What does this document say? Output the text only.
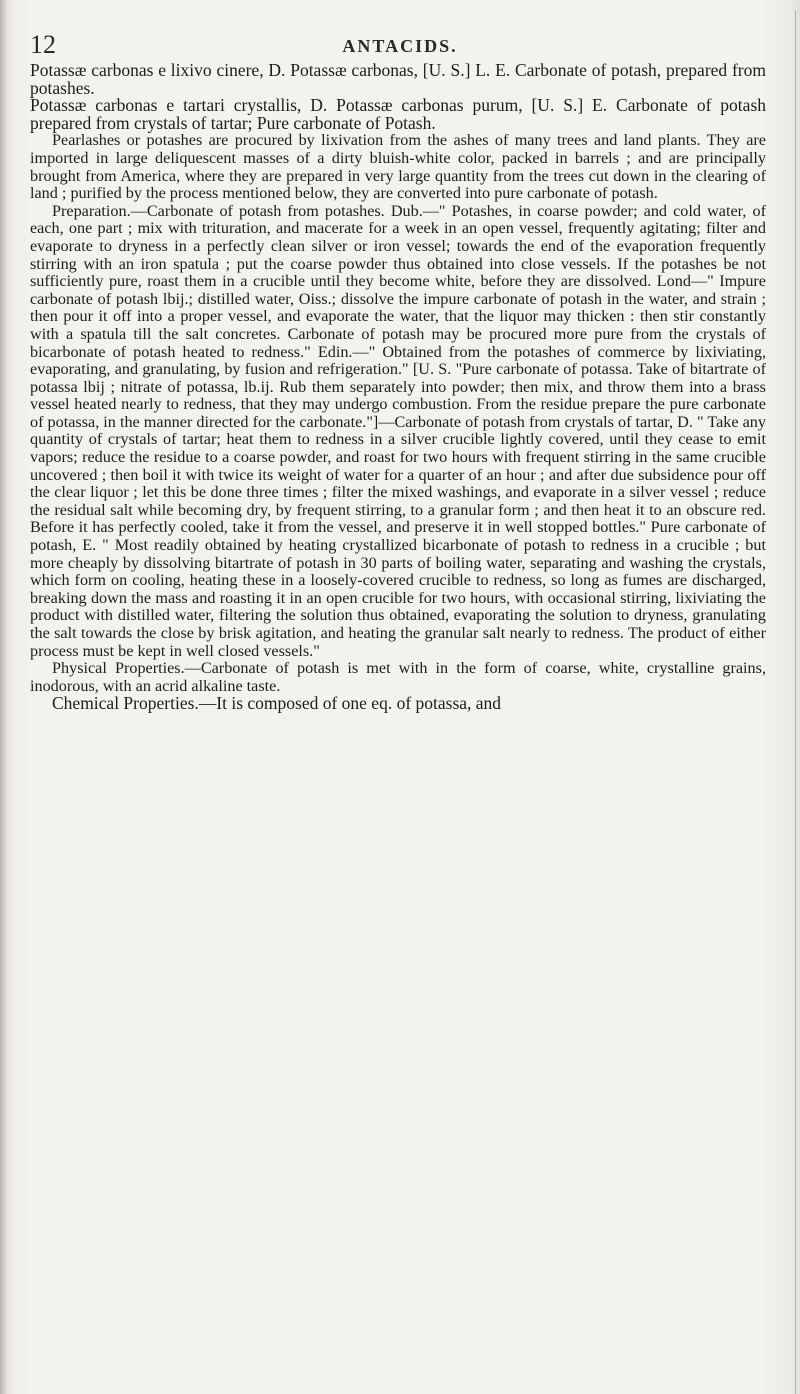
12	ANTACIDS.

Potassæ carbonas e lixivo cinere, D. Potassæ carbonas, [U. S.] L. E. Carbonate of potash, prepared from potashes.

Potassæ carbonas e tartari crystallis, D. Potassæ carbonas purum, [U. S.] E. Carbonate of potash prepared from crystals of tartar; Pure carbonate of Potash.

Pearlashes or potashes are procured by lixivation from the ashes of many trees and land plants. They are imported in large deliquescent masses of a dirty bluish-white color, packed in barrels ; and are principally brought from America, where they are prepared in very large quantity from the trees cut down in the clearing of land ; purified by the process mentioned below, they are converted into pure carbonate of potash.

Preparation.—Carbonate of potash from potashes. Dub.—" Potashes, in coarse powder; and cold water, of each, one part ; mix with trituration, and macerate for a week in an open vessel, frequently agitating; filter and evaporate to dryness in a perfectly clean silver or iron vessel; towards the end of the evaporation frequently stirring with an iron spatula ; put the coarse powder thus obtained into close vessels. If the potashes be not sufficiently pure, roast them in a crucible until they become white, before they are dissolved. Lond—" Impure carbonate of potash lbij.; distilled water, Oiss.; dissolve the impure carbonate of potash in the water, and strain ; then pour it off into a proper vessel, and evaporate the water, that the liquor may thicken : then stir constantly with a spatula till the salt concretes. Carbonate of potash may be procured more pure from the crystals of bicarbonate of potash heated to redness." Edin.—" Obtained from the potashes of commerce by lixiviating, evaporating, and granulating, by fusion and refrigeration." [U. S. "Pure carbonate of potassa. Take of bitartrate of potassa lbij ; nitrate of potassa, lb.ij. Rub them separately into powder; then mix, and throw them into a brass vessel heated nearly to redness, that they may undergo combustion. From the residue prepare the pure carbonate of potassa, in the manner directed for the carbonate."]—Carbonate of potash from crystals of tartar, D. " Take any quantity of crystals of tartar; heat them to redness in a silver crucible lightly covered, until they cease to emit vapors; reduce the residue to a coarse powder, and roast for two hours with frequent stirring in the same crucible uncovered ; then boil it with twice its weight of water for a quarter of an hour ; and after due subsidence pour off the clear liquor ; let this be done three times ; filter the mixed washings, and evaporate in a silver vessel ; reduce the residual salt while becoming dry, by frequent stirring, to a granular form ; and then heat it to an obscure red. Before it has perfectly cooled, take it from the vessel, and preserve it in well stopped bottles." Pure carbonate of potash, E. " Most readily obtained by heating crystallized bicarbonate of potash to redness in a crucible ; but more cheaply by dissolving bitartrate of potash in 30 parts of boiling water, separating and washing the crystals, which form on cooling, heating these in a loosely-covered crucible to redness, so long as fumes are discharged, breaking down the mass and roasting it in an open crucible for two hours, with occasional stirring, lixiviating the product with distilled water, filtering the solution thus obtained, evaporating the solution to dryness, granulating the salt towards the close by brisk agitation, and heating the granular salt nearly to redness. The product of either process must be kept in well closed vessels."

Physical Properties.—Carbonate of potash is met with in the form of coarse, white, crystalline grains, inodorous, with an acrid alkaline taste.

Chemical Properties.—It is composed of one eq. of potassa, and
